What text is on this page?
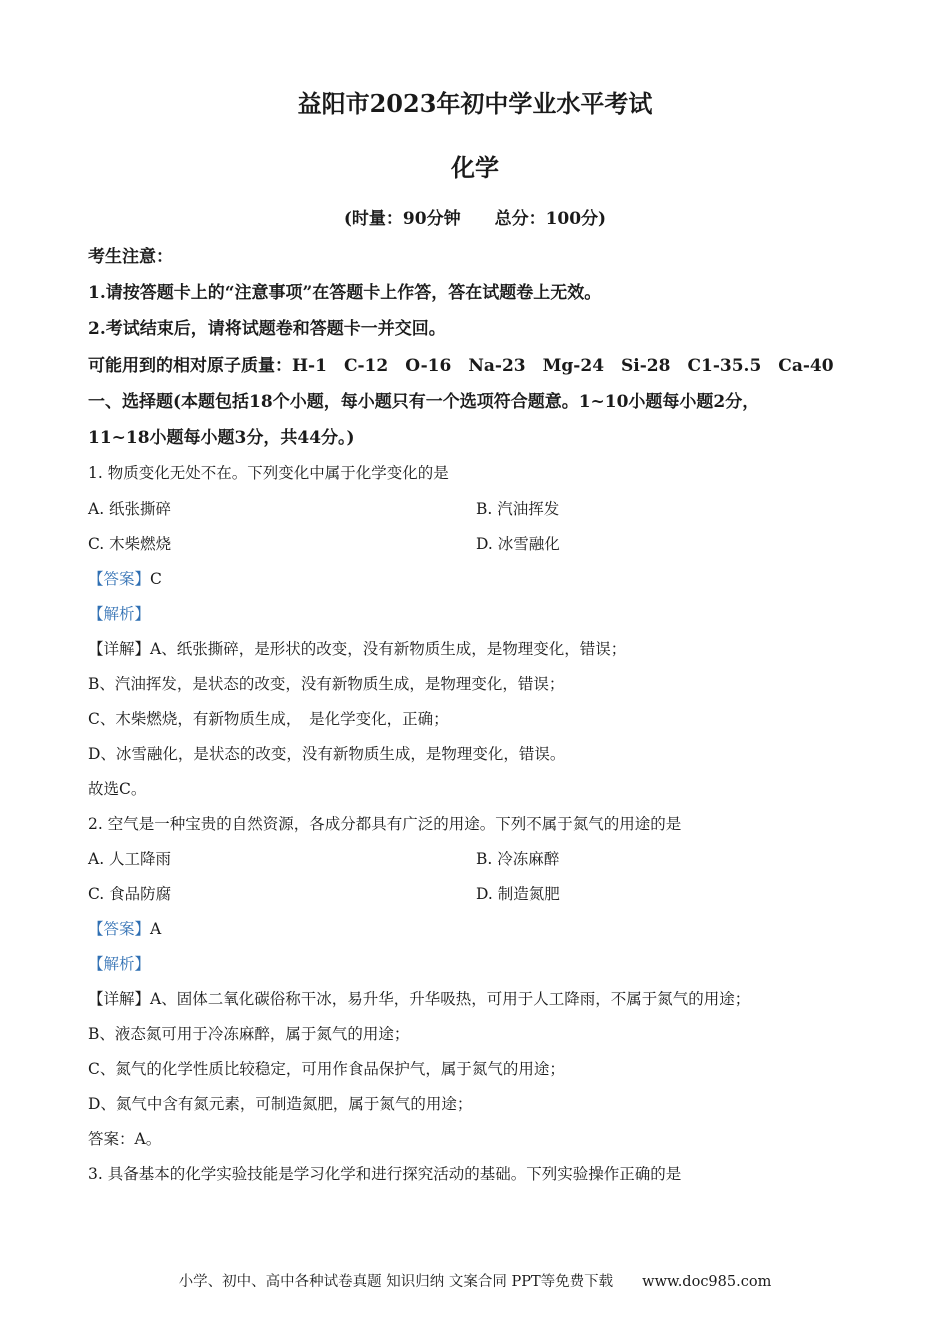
益阳市2023年初中学业水平考试
化学
(时量：90分钟　　总分：100分)
考生注意：
1.请按答题卡上的“注意事项”在答题卡上作答，答在试题卷上无效。
2.考试结束后，请将试题卷和答题卡一并交回。
可能用到的相对原子质量：H-1　C-12　O-16　Na-23　Mg-24　Si-28　C1-35.5　Ca-40
一、选择题(本题包括18个小题，每小题只有一个选项符合题意。1~10小题每小题2分，
11~18小题每小题3分，共44分。)
1. 物质变化无处不在。下列变化中属于化学变化的是
A. 纸张撕碎	B. 汽油挥发
C. 木柴燃烧	D. 冰雪融化
【答案】C
【解析】
【详解】A、纸张撕碎，是形状的改变，没有新物质生成，是物理变化，错误；
B、汽油挥发，是状态的改变，没有新物质生成，是物理变化，错误；
C、木柴燃烧，有新物质生成，　是化学变化，正确；
D、冰雪融化，是状态的改变，没有新物质生成，是物理变化，错误。
故选C。
2. 空气是一种宝贵的自然资源，各成分都具有广泛的用途。下列不属于氮气的用途的是
A. 人工降雨	B. 冷冻麻醉
C. 食品防腐	D. 制造氮肥
【答案】A
【解析】
【详解】A、固体二氧化碳俗称干冰，易升华，升华吸热，可用于人工降雨，不属于氮气的用途；
B、液态氮可用于冷冻麻醉，属于氮气的用途；
C、氮气的化学性质比较稳定，可用作食品保护气，属于氮气的用途；
D、氮气中含有氮元素，可制造氮肥，属于氮气的用途；
答案：A。
3. 具备基本的化学实验技能是学习化学和进行探究活动的基础。下列实验操作正确的是
小学、初中、高中各种试卷真题 知识归纳 文案合同 PPT等免费下载　　www.doc985.com
